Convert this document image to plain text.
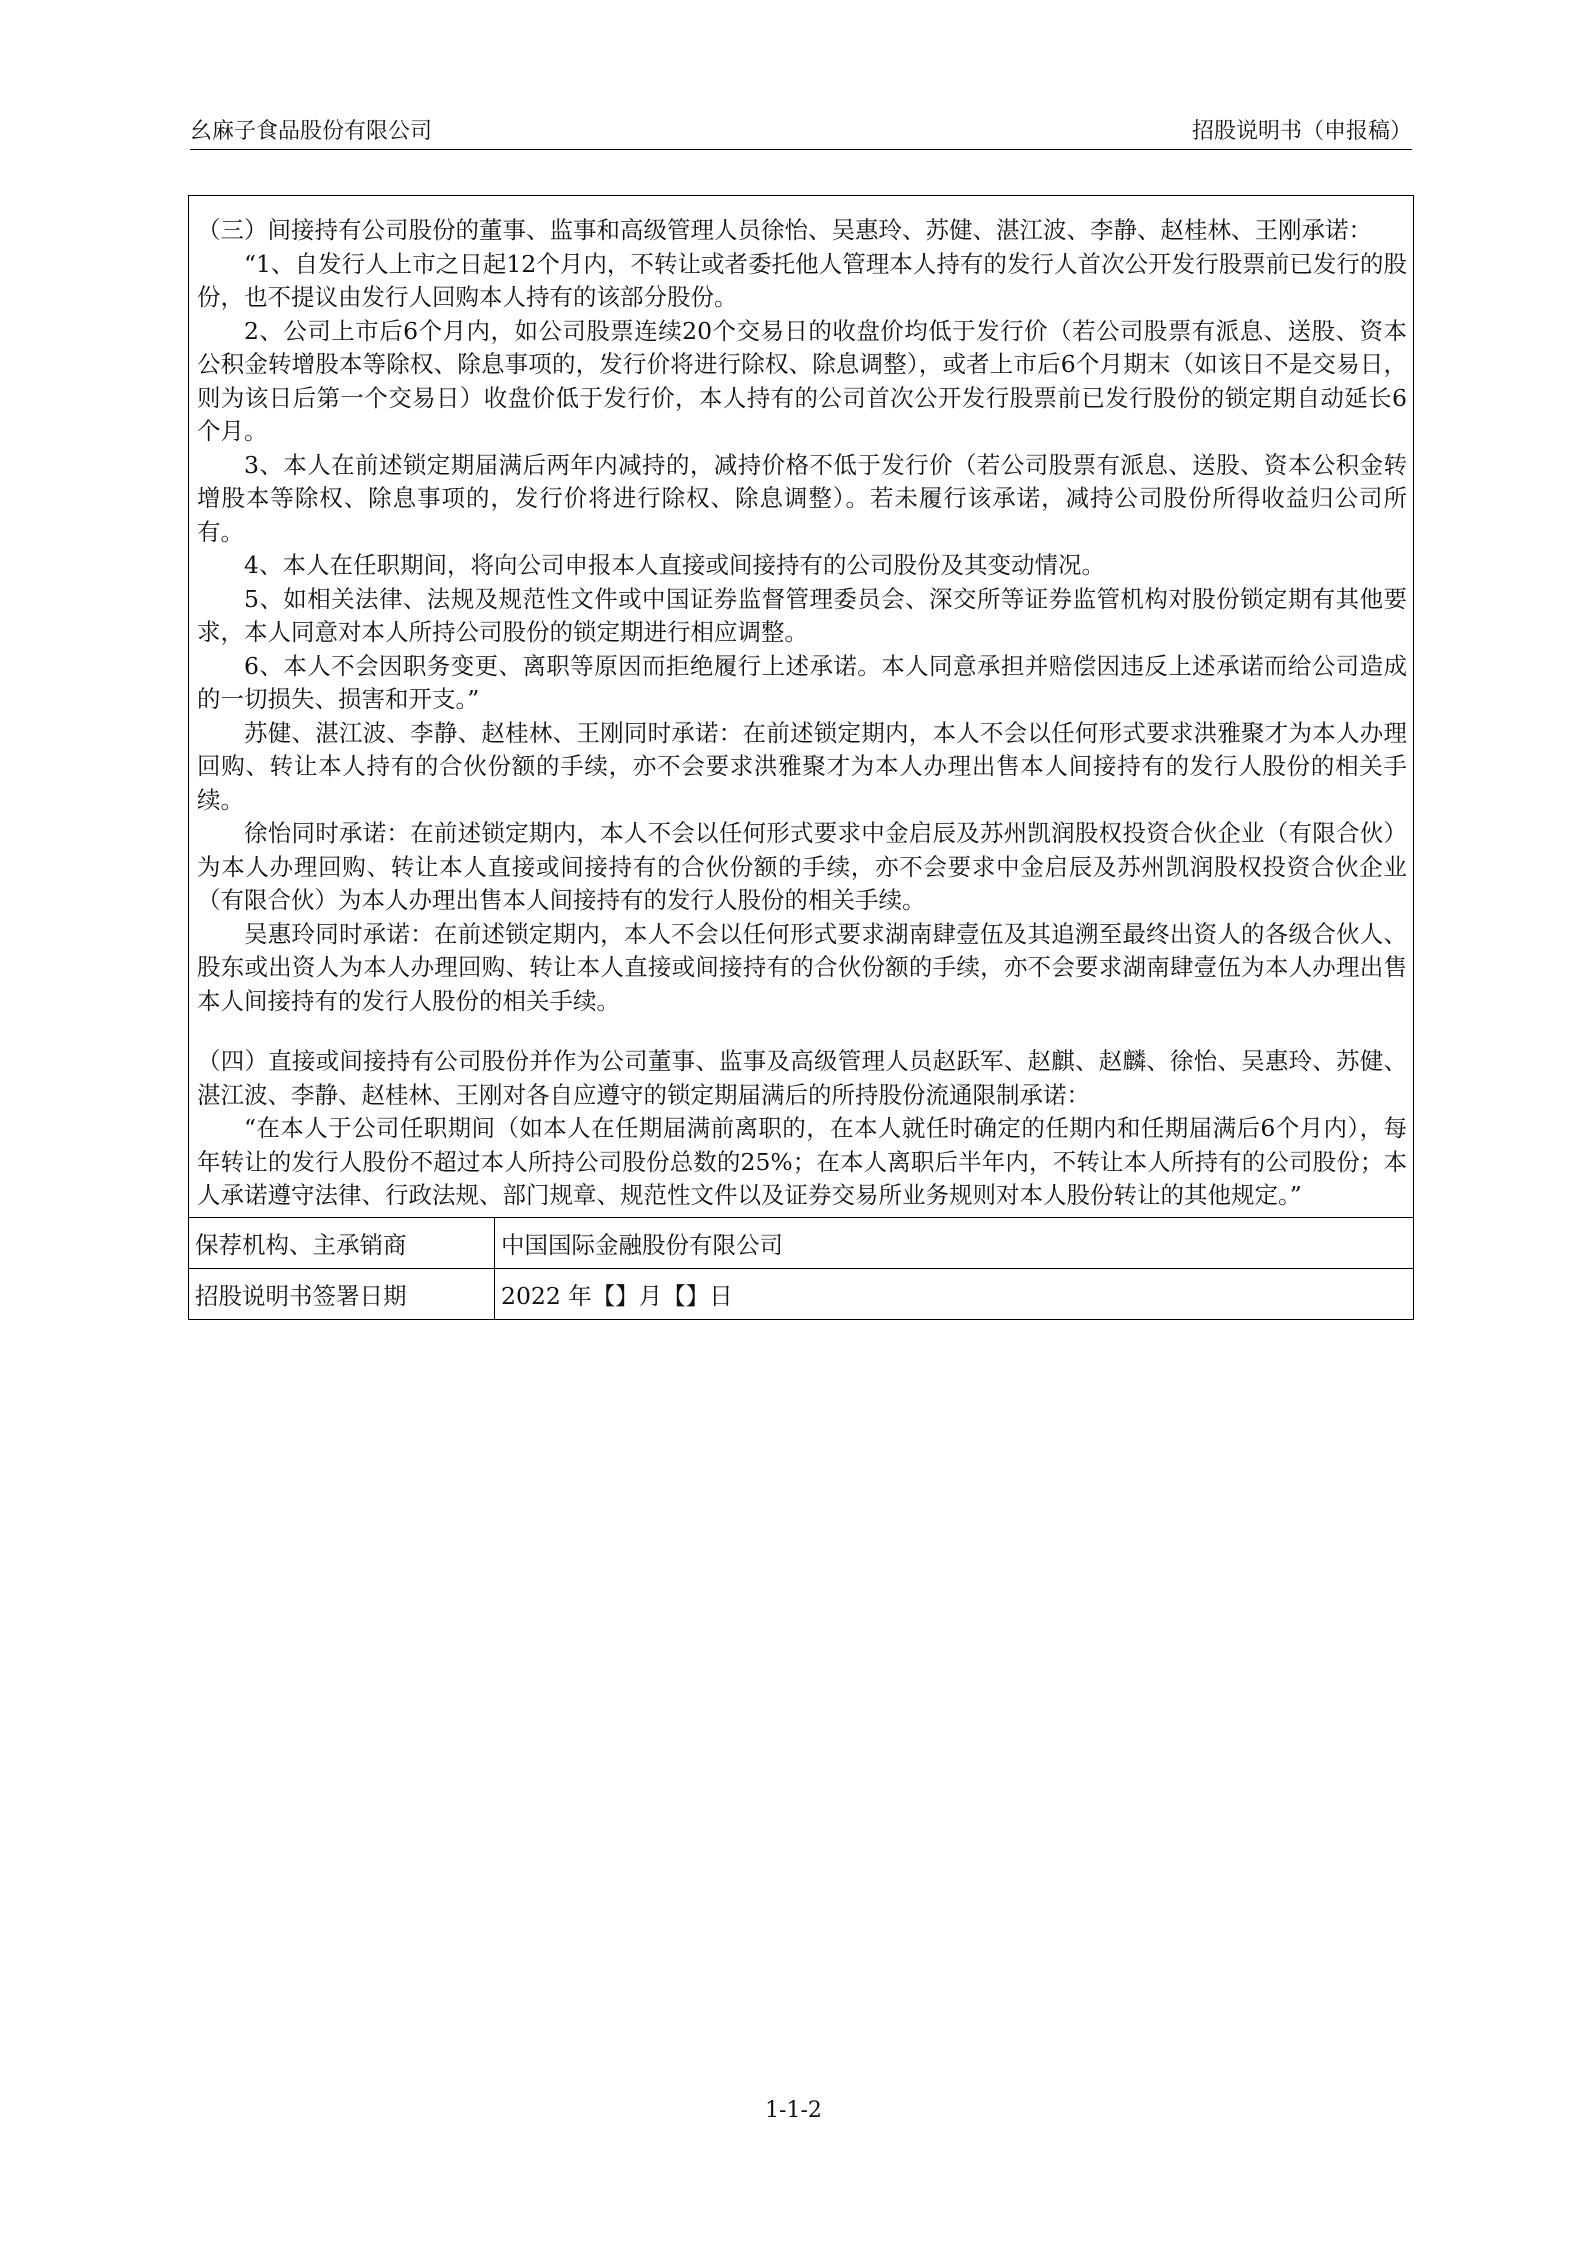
幺麻子食品股份有限公司	招股说明书（申报稿）

（三）间接持有公司股份的董事、监事和高级管理人员徐怡、吴惠玲、苏健、湛江波、李静、赵桂林、王刚承诺：

“1、自发行人上市之日起12个月内，不转让或者委托他人管理本人持有的发行人首次公开发行股票前已发行的股份，也不提议由发行人回购本人持有的该部分股份。

2、公司上市后6个月内，如公司股票连续20个交易日的收盘价均低于发行价（若公司股票有派息、送股、资本公积金转增股本等除权、除息事项的，发行价将进行除权、除息调整），或者上市后6个月期末（如该日不是交易日，则为该日后第一个交易日）收盘价低于发行价，本人持有的公司首次公开发行股票前已发行股份的锁定期自动延长6个月。

3、本人在前述锁定期届满后两年内减持的，减持价格不低于发行价（若公司股票有派息、送股、资本公积金转增股本等除权、除息事项的，发行价将进行除权、除息调整）。若未履行该承诺，减持公司股份所得收益归公司所有。

4、本人在任职期间，将向公司申报本人直接或间接持有的公司股份及其变动情况。

5、如相关法律、法规及规范性文件或中国证券监督管理委员会、深交所等证券监管机构对股份锁定期有其他要求，本人同意对本人所持公司股份的锁定期进行相应调整。

6、本人不会因职务变更、离职等原因而拒绝履行上述承诺。本人同意承担并赔偿因违反上述承诺而给公司造成的一切损失、损害和开支。”

苏健、湛江波、李静、赵桂林、王刚同时承诺：在前述锁定期内，本人不会以任何形式要求洪雅聚才为本人办理回购、转让本人持有的合伙份额的手续，亦不会要求洪雅聚才为本人办理出售本人间接持有的发行人股份的相关手续。

徐怡同时承诺：在前述锁定期内，本人不会以任何形式要求中金启辰及苏州凯润股权投资合伙企业（有限合伙）为本人办理回购、转让本人直接或间接持有的合伙份额的手续，亦不会要求中金启辰及苏州凯润股权投资合伙企业（有限合伙）为本人办理出售本人间接持有的发行人股份的相关手续。

吴惠玲同时承诺：在前述锁定期内，本人不会以任何形式要求湖南肆壹伍及其追溯至最终出资人的各级合伙人、股东或出资人为本人办理回购、转让本人直接或间接持有的合伙份额的手续，亦不会要求湖南肆壹伍为本人办理出售本人间接持有的发行人股份的相关手续。

（四）直接或间接持有公司股份并作为公司董事、监事及高级管理人员赵跃军、赵麒、赵麟、徐怡、吴惠玲、苏健、湛江波、李静、赵桂林、王刚对各自应遵守的锁定期届满后的所持股份流通限制承诺：

“在本人于公司任职期间（如本人在任期届满前离职的，在本人就任时确定的任期内和任期届满后6个月内），每年转让的发行人股份不超过本人所持公司股份总数的25%；在本人离职后半年内，不转让本人所持有的公司股份；本人承诺遵守法律、行政法规、部门规章、规范性文件以及证券交易所业务规则对本人股份转让的其他规定。”

保荐机构、主承销商	中国国际金融股份有限公司
招股说明书签署日期	2022 年【】月【】日
1-1-2
